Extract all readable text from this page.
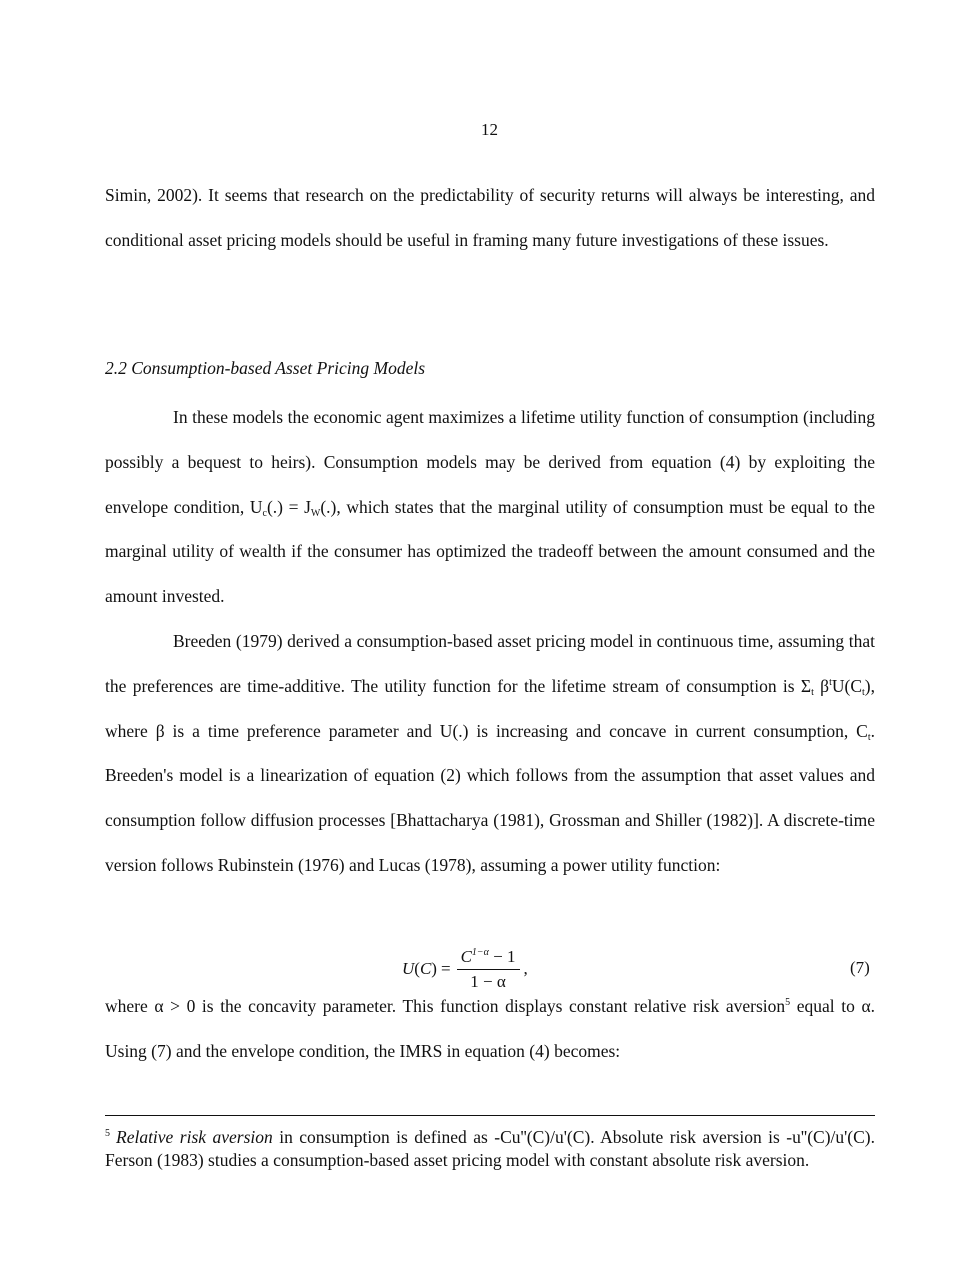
12
Simin, 2002). It seems that research on the predictability of security returns will always be interesting, and conditional asset pricing models should be useful in framing many future investigations of these issues.
2.2 Consumption-based Asset Pricing Models
In these models the economic agent maximizes a lifetime utility function of consumption (including possibly a bequest to heirs). Consumption models may be derived from equation (4) by exploiting the envelope condition, $U_c(.) = J_W(.)$, which states that the marginal utility of consumption must be equal to the marginal utility of wealth if the consumer has optimized the tradeoff between the amount consumed and the amount invested.
Breeden (1979) derived a consumption-based asset pricing model in continuous time, assuming that the preferences are time-additive. The utility function for the lifetime stream of consumption is $\Sigma_t$ $\beta^tU(C_t)$, where β is a time preference parameter and U(.) is increasing and concave in current consumption, $C_t$. Breeden's model is a linearization of equation (2) which follows from the assumption that asset values and consumption follow diffusion processes [Bhattacharya (1981), Grossman and Shiller (1982)]. A discrete-time version follows Rubinstein (1976) and Lucas (1978), assuming a power utility function:
$U(C) = \frac{C^{1-\alpha} - 1}{1 - \alpha}$ ,	(7)
where α > 0 is the concavity parameter. This function displays constant relative risk aversion$^5$ equal to α. Using (7) and the envelope condition, the IMRS in equation (4) becomes:
$^5$ Relative risk aversion in consumption is defined as -Cu''(C)/u'(C). Absolute risk aversion is -u''(C)/u'(C). Ferson (1983) studies a consumption-based asset pricing model with constant absolute risk aversion.
